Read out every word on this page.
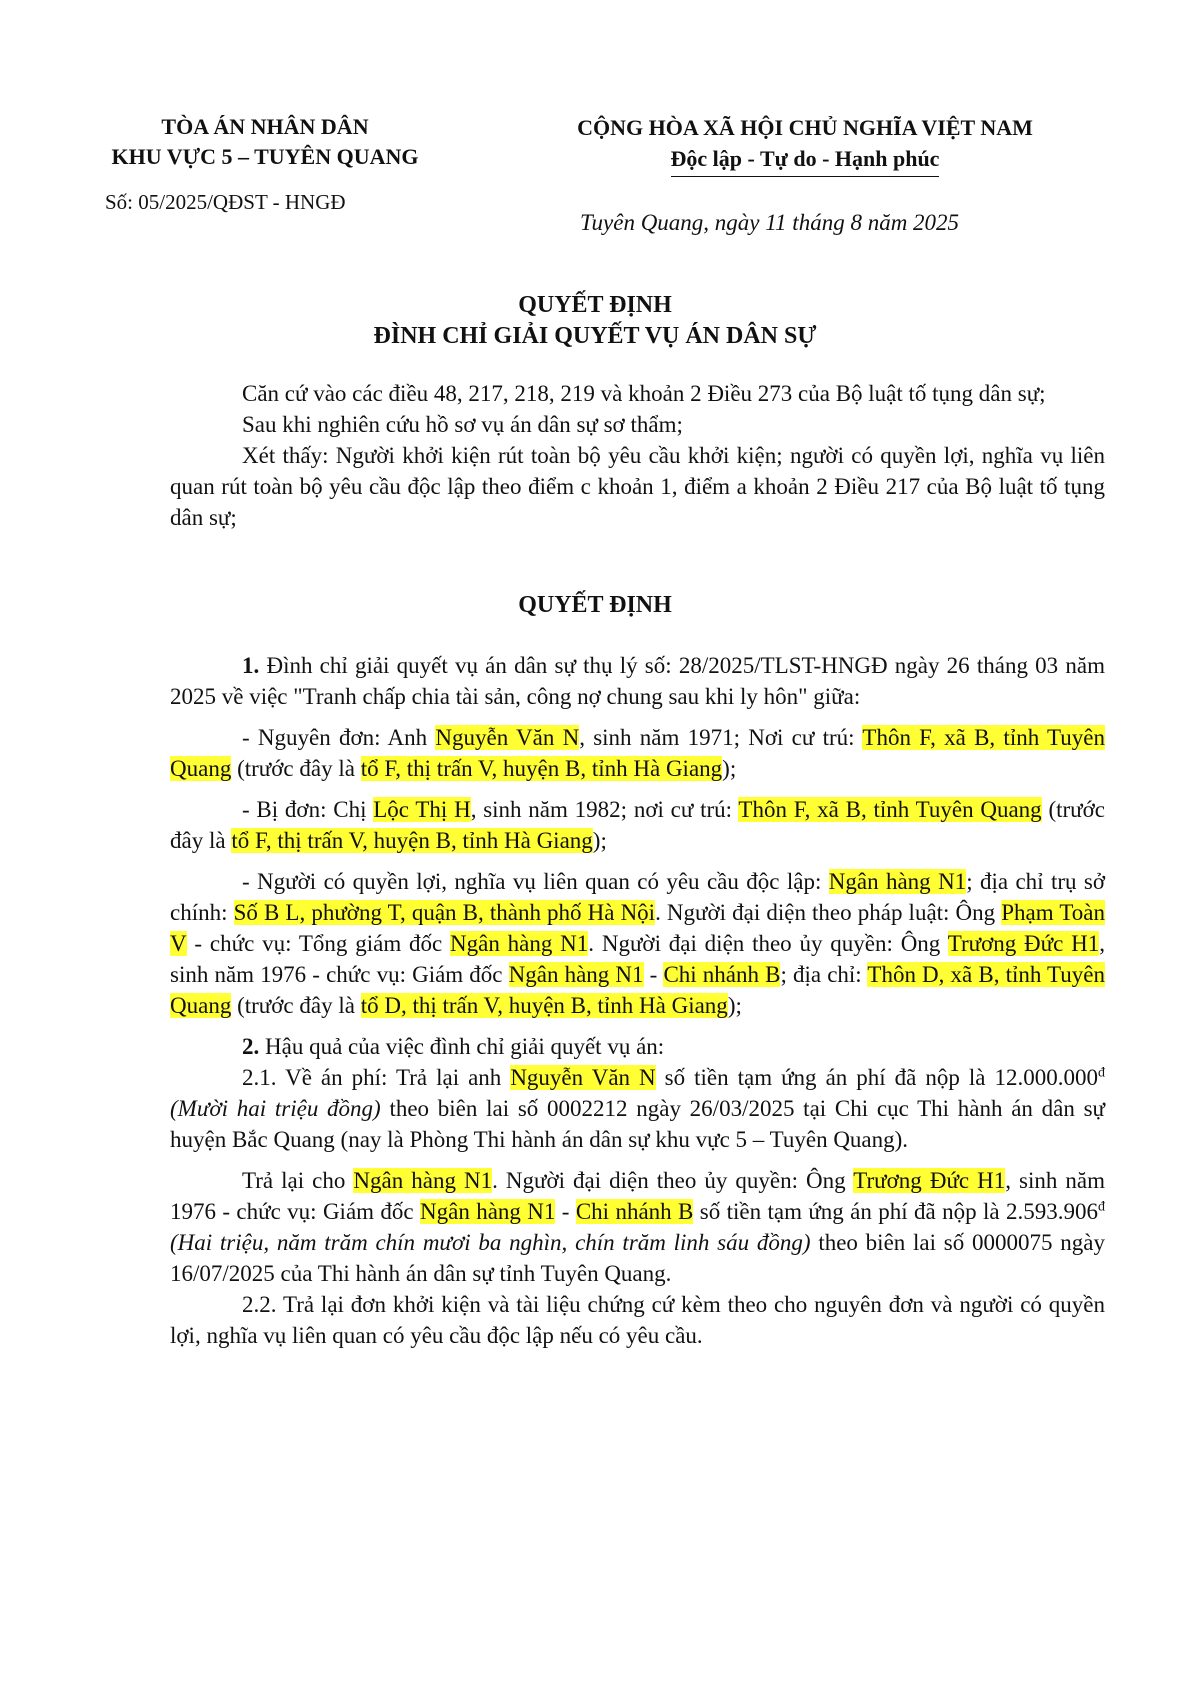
TÒA ÁN NHÂN DÂN
KHU VỰC 5 – TUYÊN QUANG
Số: 05/2025/QĐST - HNGĐ
CỘNG HÒA XÃ HỘI CHỦ NGHĨA VIỆT NAM
Độc lập - Tự do - Hạnh phúc
Tuyên Quang, ngày 11 tháng 8 năm 2025
QUYẾT ĐỊNH
ĐÌNH CHỈ GIẢI QUYẾT VỤ ÁN DÂN SỰ

Căn cứ vào các điều 48, 217, 218, 219 và khoản 2 Điều 273 của Bộ luật tố tụng dân sự;

Sau khi nghiên cứu hồ sơ vụ án dân sự sơ thẩm;

Xét thấy: Người khởi kiện rút toàn bộ yêu cầu khởi kiện; người có quyền lợi, nghĩa vụ liên quan rút toàn bộ yêu cầu độc lập theo điểm c khoản 1, điểm a khoản 2 Điều 217 của Bộ luật tố tụng dân sự;

QUYẾT ĐỊNH

1. Đình chỉ giải quyết vụ án dân sự thụ lý số: 28/2025/TLST-HNGĐ ngày 26 tháng 03 năm 2025 về việc "Tranh chấp chia tài sản, công nợ chung sau khi ly hôn" giữa:

- Nguyên đơn: Anh Nguyễn Văn N, sinh năm 1971; Nơi cư trú: Thôn F, xã B, tỉnh Tuyên Quang (trước đây là tổ F, thị trấn V, huyện B, tỉnh Hà Giang);

- Bị đơn: Chị Lộc Thị H, sinh năm 1982; nơi cư trú: Thôn F, xã B, tỉnh Tuyên Quang (trước đây là tổ F, thị trấn V, huyện B, tỉnh Hà Giang);

- Người có quyền lợi, nghĩa vụ liên quan có yêu cầu độc lập: Ngân hàng N1; địa chỉ trụ sở chính: Số B L, phường T, quận B, thành phố Hà Nội. Người đại diện theo pháp luật: Ông Phạm Toàn V - chức vụ: Tổng giám đốc Ngân hàng N1. Người đại diện theo ủy quyền: Ông Trương Đức H1, sinh năm 1976 - chức vụ: Giám đốc Ngân hàng N1 - Chi nhánh B; địa chỉ: Thôn D, xã B, tỉnh Tuyên Quang (trước đây là tổ D, thị trấn V, huyện B, tỉnh Hà Giang);

2. Hậu quả của việc đình chỉ giải quyết vụ án:

2.1. Về án phí: Trả lại anh Nguyễn Văn N số tiền tạm ứng án phí đã nộp là $12.000.000^đ$ (Mười hai triệu đồng) theo biên lai số 0002212 ngày 26/03/2025 tại Chi cục Thi hành án dân sự huyện Bắc Quang (nay là Phòng Thi hành án dân sự khu vực 5 – Tuyên Quang).

Trả lại cho Ngân hàng N1. Người đại diện theo ủy quyền: Ông Trương Đức H1, sinh năm 1976 - chức vụ: Giám đốc Ngân hàng N1 - Chi nhánh B số tiền tạm ứng án phí đã nộp là $2.593.906^đ$ (Hai triệu, năm trăm chín mươi ba nghìn, chín trăm linh sáu đồng) theo biên lai số 0000075 ngày 16/07/2025 của Thi hành án dân sự tỉnh Tuyên Quang.

2.2. Trả lại đơn khởi kiện và tài liệu chứng cứ kèm theo cho nguyên đơn và người có quyền lợi, nghĩa vụ liên quan có yêu cầu độc lập nếu có yêu cầu.
